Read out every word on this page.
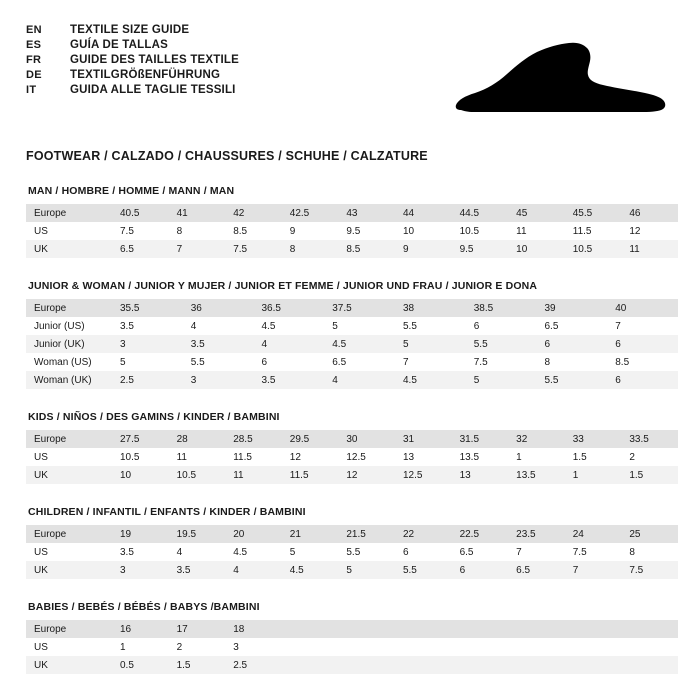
EN	TEXTILE SIZE GUIDE
ES	GUÍA DE TALLAS
FR	GUIDE DES TAILLES TEXTILE
DE	TEXTILGRÖßENFÜHRUNG
IT	GUIDA ALLE TAGLIE TESSILI
FOOTWEAR / CALZADO / CHAUSSURES / SCHUHE / CALZATURE
MAN / HOMBRE / HOMME / MANN / MAN
Europe	40.5	41	42	42.5	43	44	44.5	45	45.5	46
US	7.5	8	8.5	9	9.5	10	10.5	11	11.5	12
UK	6.5	7	7.5	8	8.5	9	9.5	10	10.5	11
JUNIOR & WOMAN / JUNIOR Y MUJER / JUNIOR ET FEMME / JUNIOR UND FRAU / JUNIOR E DONA
Europe	35.5	36	36.5	37.5	38	38.5	39	40
Junior (US)	3.5	4	4.5	5	5.5	6	6.5	7
Junior (UK)	3	3.5	4	4.5	5	5.5	6	6
Woman (US)	5	5.5	6	6.5	7	7.5	8	8.5
Woman (UK)	2.5	3	3.5	4	4.5	5	5.5	6
KIDS / NIÑOS / DES GAMINS / KINDER / BAMBINI
Europe	27.5	28	28.5	29.5	30	31	31.5	32	33	33.5
US	10.5	11	11.5	12	12.5	13	13.5	1	1.5	2
UK	10	10.5	11	11.5	12	12.5	13	13.5	1	1.5
CHILDREN / INFANTIL / ENFANTS / KINDER / BAMBINI
Europe	19	19.5	20	21	21.5	22	22.5	23.5	24	25
US	3.5	4	4.5	5	5.5	6	6.5	7	7.5	8
UK	3	3.5	4	4.5	5	5.5	6	6.5	7	7.5
BABIES / BEBÉS / BÉBÉS / BABYS /BAMBINI
Europe	16	17	18							
US	1	2	3							
UK	0.5	1.5	2.5							
